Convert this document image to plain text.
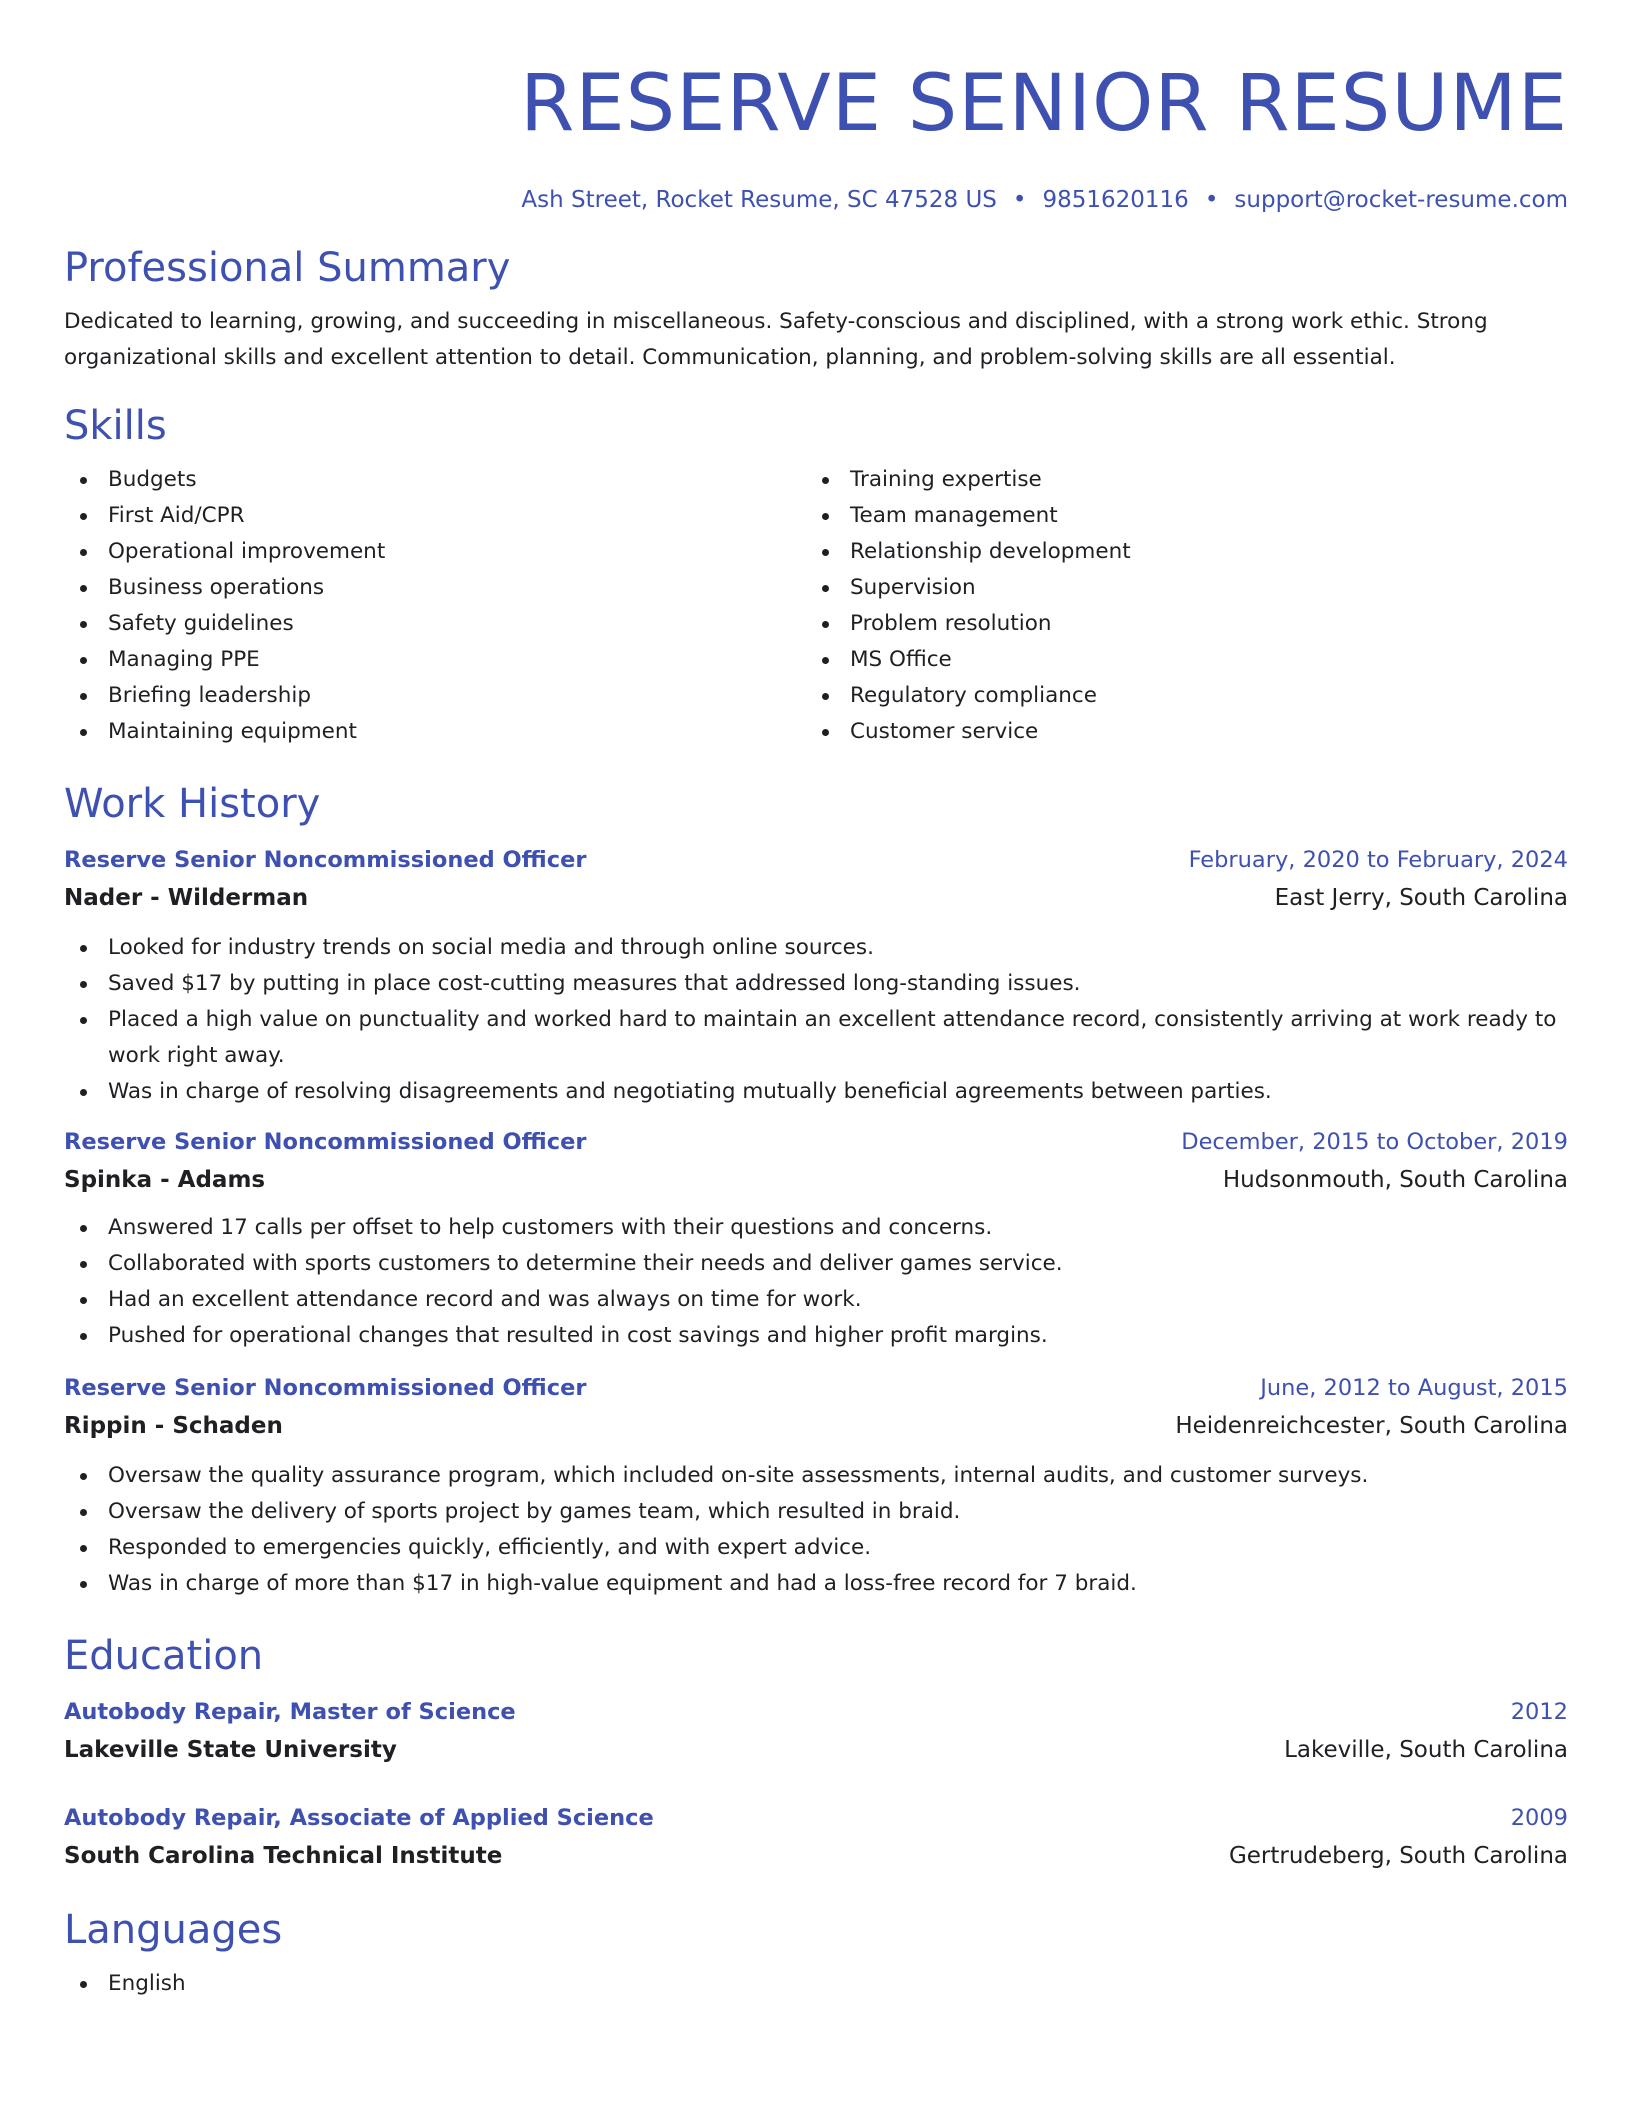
RESERVE SENIOR RESUME
Ash Street, Rocket Resume, SC 47528 US • 9851620116 • support@rocket-resume.com
Professional Summary

Dedicated to learning, growing, and succeeding in miscellaneous. Safety-conscious and disciplined, with a strong work ethic. Strong organizational skills and excellent attention to detail. Communication, planning, and problem-solving skills are all essential.

Skills
Budgets
First Aid/CPR
Operational improvement
Business operations
Safety guidelines
Managing PPE
Briefing leadership
Maintaining equipment
Training expertise
Team management
Relationship development
Supervision
Problem resolution
MS Office
Regulatory compliance
Customer service
Work History
Reserve Senior Noncommissioned Officer	February, 2020 to February, 2024
Nader - Wilderman	East Jerry, South Carolina
Looked for industry trends on social media and through online sources.
Saved $17 by putting in place cost-cutting measures that addressed long-standing issues.
Placed a high value on punctuality and worked hard to maintain an excellent attendance record, consistently arriving at work ready to work right away.
Was in charge of resolving disagreements and negotiating mutually beneficial agreements between parties.
Reserve Senior Noncommissioned Officer	December, 2015 to October, 2019
Spinka - Adams	Hudsonmouth, South Carolina
Answered 17 calls per offset to help customers with their questions and concerns.
Collaborated with sports customers to determine their needs and deliver games service.
Had an excellent attendance record and was always on time for work.
Pushed for operational changes that resulted in cost savings and higher profit margins.
Reserve Senior Noncommissioned Officer	June, 2012 to August, 2015
Rippin - Schaden	Heidenreichcester, South Carolina
Oversaw the quality assurance program, which included on-site assessments, internal audits, and customer surveys.
Oversaw the delivery of sports project by games team, which resulted in braid.
Responded to emergencies quickly, efficiently, and with expert advice.
Was in charge of more than $17 in high-value equipment and had a loss-free record for 7 braid.
Education
Autobody Repair, Master of Science	2012
Lakeville State University	Lakeville, South Carolina
Autobody Repair, Associate of Applied Science	2009
South Carolina Technical Institute	Gertrudeberg, South Carolina
Languages
English
